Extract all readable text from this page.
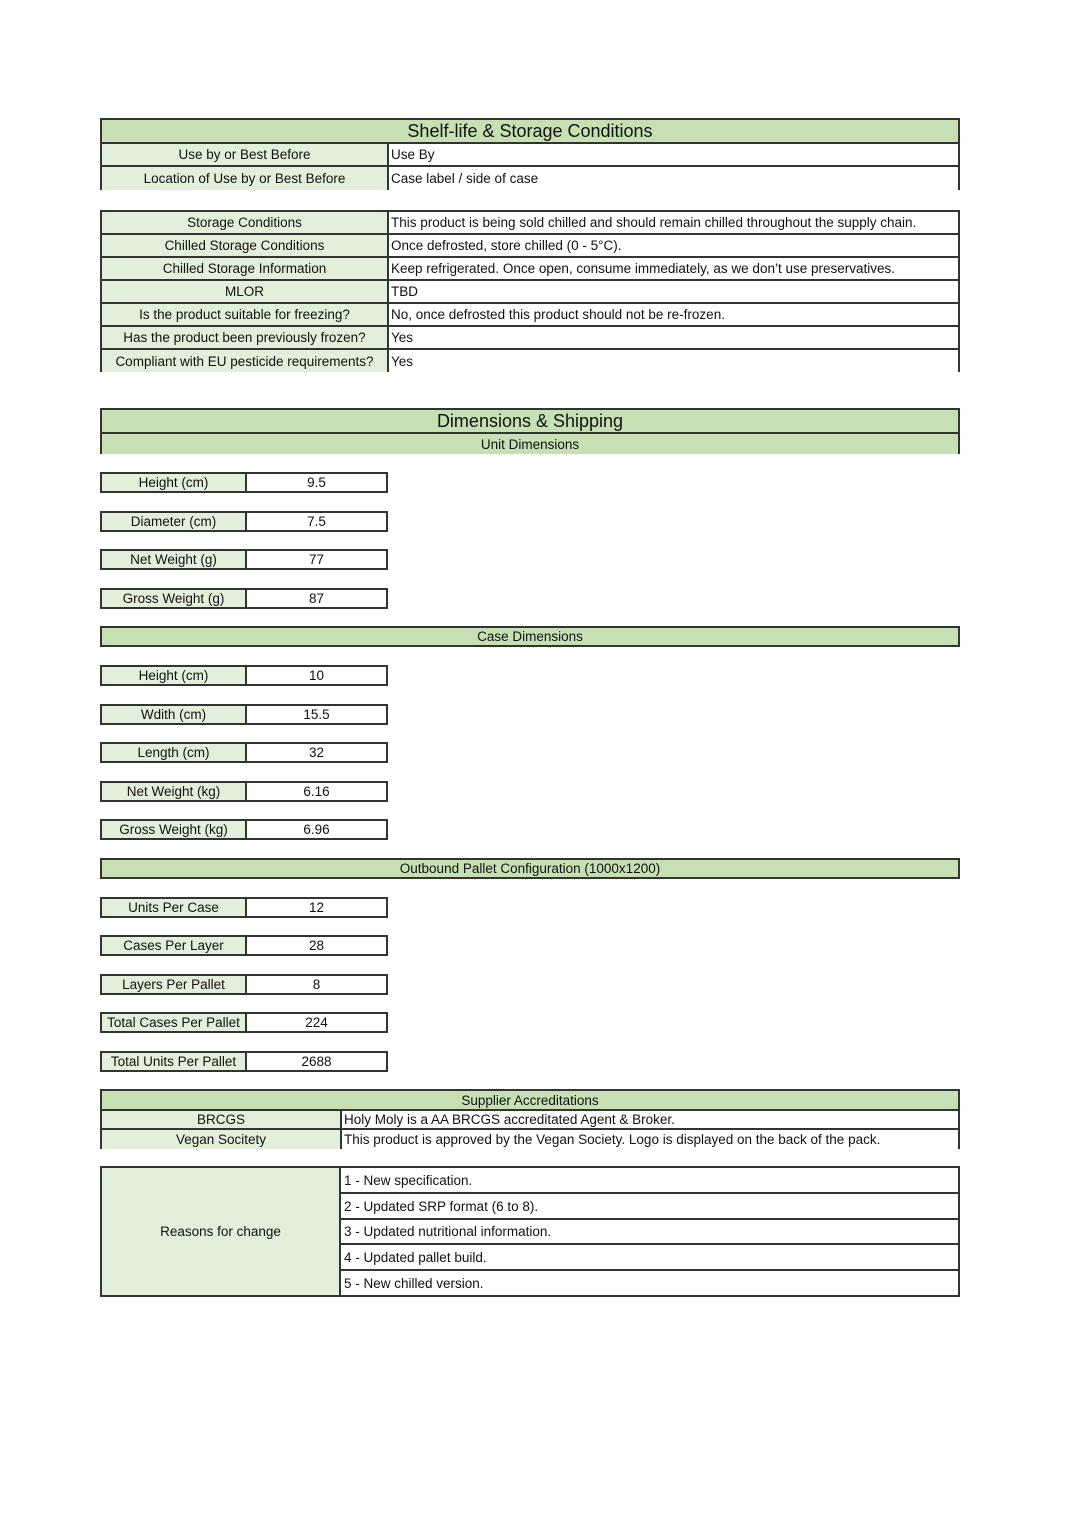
Shelf-life & Storage Conditions
Use by or Best Before	Use By
Location of Use by or Best Before	Case label / side of case
Storage Conditions	This product is being sold chilled and should remain chilled throughout the supply chain.
Chilled Storage Conditions	Once defrosted, store chilled (0 - 5°C).
Chilled Storage Information	Keep refrigerated. Once open, consume immediately, as we don’t use preservatives.
MLOR	TBD
Is the product suitable for freezing?	No, once defrosted this product should not be re-frozen.
Has the product been previously frozen?	Yes
Compliant with EU pesticide requirements?	Yes
Dimensions & Shipping
Unit Dimensions
Height (cm)	9.5
Diameter (cm)	7.5
Net Weight (g)	77
Gross Weight (g)	87
Case Dimensions
Height (cm)	10
Wdith (cm)	15.5
Length (cm)	32
Net Weight (kg)	6.16
Gross Weight (kg)	6.96
Outbound Pallet Configuration (1000x1200)
Units Per Case	12
Cases Per Layer	28
Layers Per Pallet	8
Total Cases Per Pallet	224
Total Units Per Pallet	2688
Supplier Accreditations
BRCGS	Holy Moly is a AA BRCGS accreditated Agent & Broker.
Vegan Socitety	This product is approved by the Vegan Society. Logo is displayed on the back of the pack.
Reasons for change
1 - New specification.
2 - Updated SRP format (6 to 8).
3 - Updated nutritional information.
4 - Updated pallet build.
5 - New chilled version.
